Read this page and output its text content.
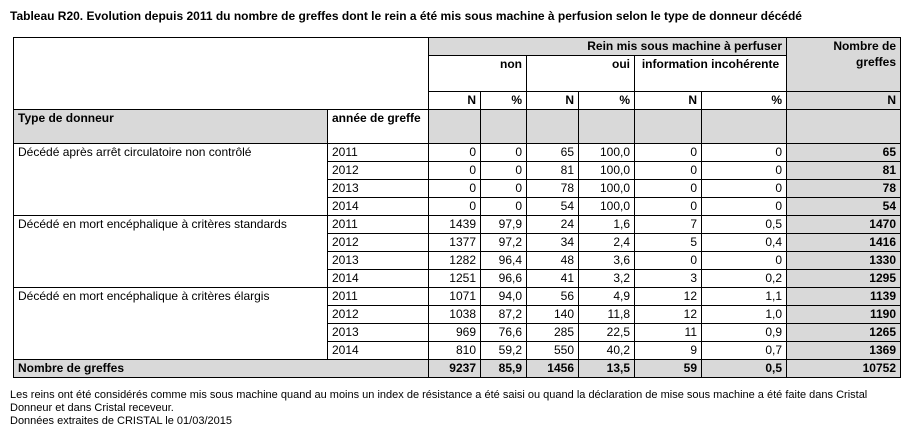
Tableau R20. Evolution depuis 2011 du nombre de greffes dont le rein a été mis sous machine à perfusion selon le type de donneur décédé
		Rein mis sous machine à perfuser						Nombre de greffes
		non		oui		information incohérente		
		N	%	N	%	N	%	N
Type de donneur	année de greffe							
Décédé après arrêt circulatoire non contrôlé	2011	0	0	65	100,0	0	0	65
	2012	0	0	81	100,0	0	0	81
	2013	0	0	78	100,0	0	0	78
	2014	0	0	54	100,0	0	0	54
Décédé en mort encéphalique à critères standards	2011	1439	97,9	24	1,6	7	0,5	1470
	2012	1377	97,2	34	2,4	5	0,4	1416
	2013	1282	96,4	48	3,6	0	0	1330
	2014	1251	96,6	41	3,2	3	0,2	1295
Décédé en mort encéphalique à critères élargis	2011	1071	94,0	56	4,9	12	1,1	1139
	2012	1038	87,2	140	11,8	12	1,0	1190
	2013	969	76,6	285	22,5	11	0,9	1265
	2014	810	59,2	550	40,2	9	0,7	1369
Nombre de greffes		9237	85,9	1456	13,5	59	0,5	10752
Les reins ont été considérés comme mis sous machine quand au moins un index de résistance a été saisi ou quand la déclaration de mise sous machine a été faite dans Cristal
Donneur et dans Cristal receveur.
Données extraites de CRISTAL le 01/03/2015
